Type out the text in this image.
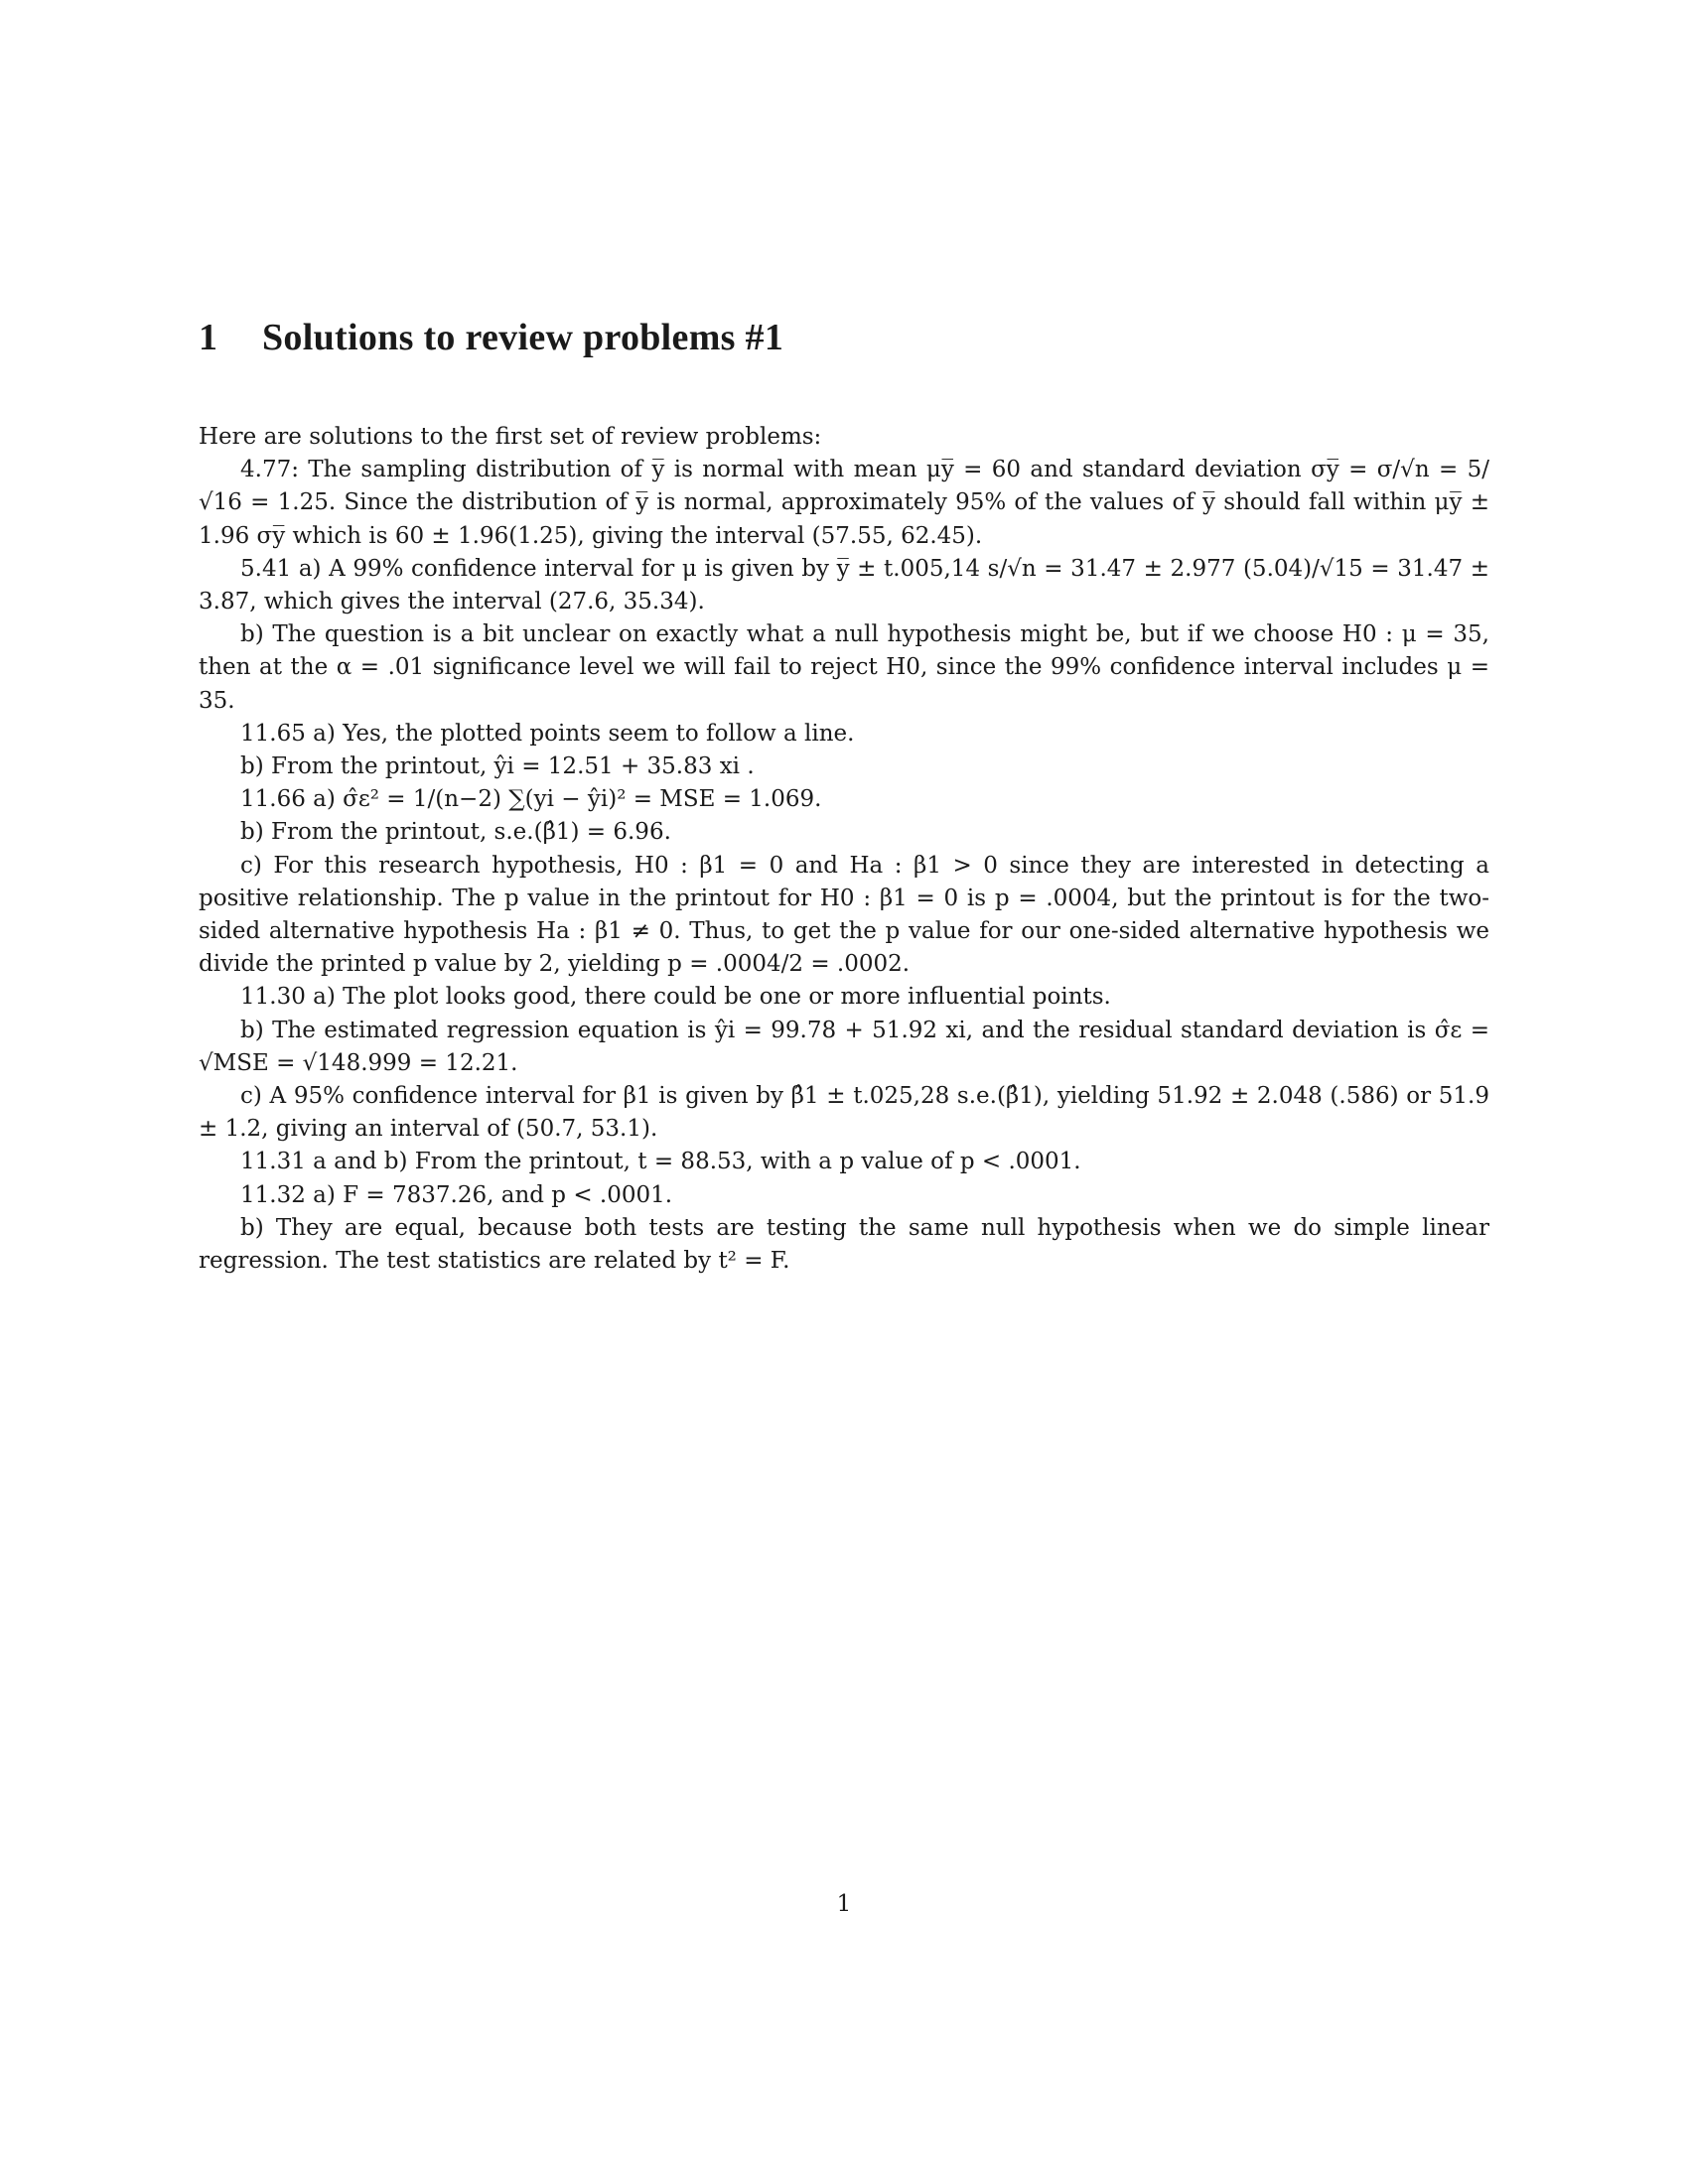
1 Solutions to review problems #1

Here are solutions to the first set of review problems:

4.77: The sampling distribution of y̅ is normal with mean μy̅ = 60 and standard deviation σy̅ = σ/√n = 5/√16 = 1.25. Since the distribution of y̅ is normal, approximately 95% of the values of y̅ should fall within μy̅ ± 1.96 σy̅ which is 60 ± 1.96(1.25), giving the interval (57.55, 62.45).

5.41 a) A 99% confidence interval for μ is given by y̅ ± t.005,14 s/√n = 31.47 ± 2.977 (5.04)/√15 = 31.47 ± 3.87, which gives the interval (27.6, 35.34).

b) The question is a bit unclear on exactly what a null hypothesis might be, but if we choose H0 : μ = 35, then at the α = .01 significance level we will fail to reject H0, since the 99% confidence interval includes μ = 35.

11.65 a) Yes, the plotted points seem to follow a line.

b) From the printout, ŷi = 12.51 + 35.83 xi .

11.66 a) σ̂ε² = 1/(n−2) ∑(yi − ŷi)² = MSE = 1.069.

b) From the printout, s.e.(β̂1) = 6.96.

c) For this research hypothesis, H0 : β1 = 0 and Ha : β1 > 0 since they are interested in detecting a positive relationship. The p value in the printout for H0 : β1 = 0 is p = .0004, but the printout is for the two-sided alternative hypothesis Ha : β1 ≠ 0. Thus, to get the p value for our one-sided alternative hypothesis we divide the printed p value by 2, yielding p = .0004/2 = .0002.

11.30 a) The plot looks good, there could be one or more influential points.

b) The estimated regression equation is ŷi = 99.78 + 51.92 xi, and the residual standard deviation is σ̂ε = √MSE = √148.999 = 12.21.

c) A 95% confidence interval for β1 is given by β̂1 ± t.025,28 s.e.(β̂1), yielding 51.92 ± 2.048 (.586) or 51.9 ± 1.2, giving an interval of (50.7, 53.1).

11.31 a and b) From the printout, t = 88.53, with a p value of p < .0001.

11.32 a) F = 7837.26, and p < .0001.

b) They are equal, because both tests are testing the same null hypothesis when we do simple linear regression. The test statistics are related by t² = F.

1
